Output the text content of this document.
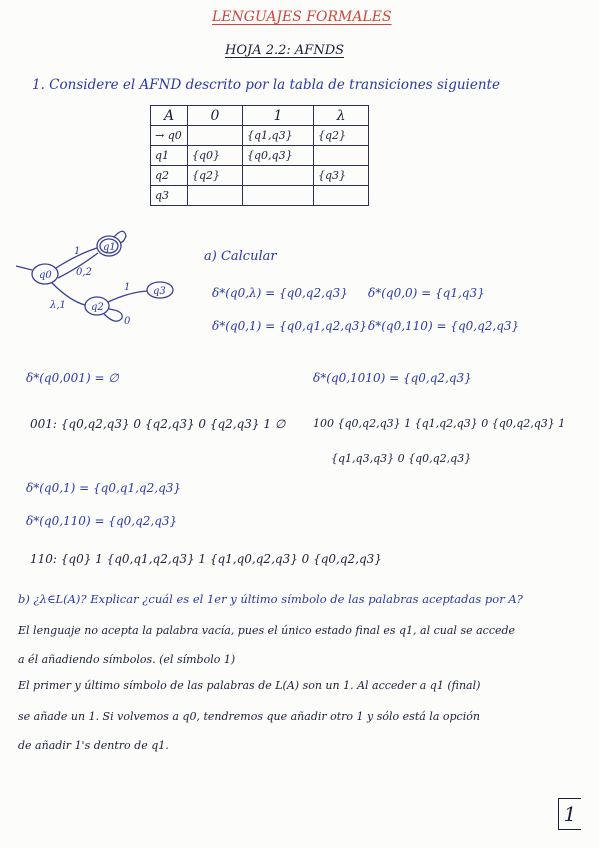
LENGUAJES FORMALES
HOJA 2.2: AFNDS
1. Considere el AFND descrito por la tabla de transiciones siguiente
A	0	1	λ
→ q0		{q1,q3}	{q2}
q1	{q0}	{q0,q3}	
q2	{q2}		{q3}
q3			
q0
q1
q2
q3
1
0,2
λ,1
1
0
a) Calcular
δ*(q0,λ) = {q0,q2,q3} δ*(q0,0) = {q1,q3}
δ*(q0,1) = {q0,q1,q2,q3} δ*(q0,110) = {q0,q2,q3}
δ*(q0,001) = ∅	δ*(q0,1010) = {q0,q2,q3}
001: {q0,q2,q3} 0 {q2,q3} 0 {q2,q3} 1 ∅	100 {q0,q2,q3} 1 {q1,q2,q3} 0 {q0,q2,q3} 1
{q1,q3,q3} 0 {q0,q2,q3}
δ*(q0,1) = {q0,q1,q2,q3}
δ*(q0,110) = {q0,q2,q3}
110: {q0} 1 {q0,q1,q2,q3} 1 {q1,q0,q2,q3} 0 {q0,q2,q3}
b) ¿λ∈L(A)? Explicar ¿cuál es el 1er y último símbolo de las palabras aceptadas por A?
El lenguaje no acepta la palabra vacía, pues el único estado final es q1, al cual se accede
a él añadiendo símbolos. (el símbolo 1)
El primer y último símbolo de las palabras de L(A) son un 1. Al acceder a q1 (final)
se añade un 1. Si volvemos a q0, tendremos que añadir otro 1 y sólo está la opción
de añadir 1's dentro de q1.
1
